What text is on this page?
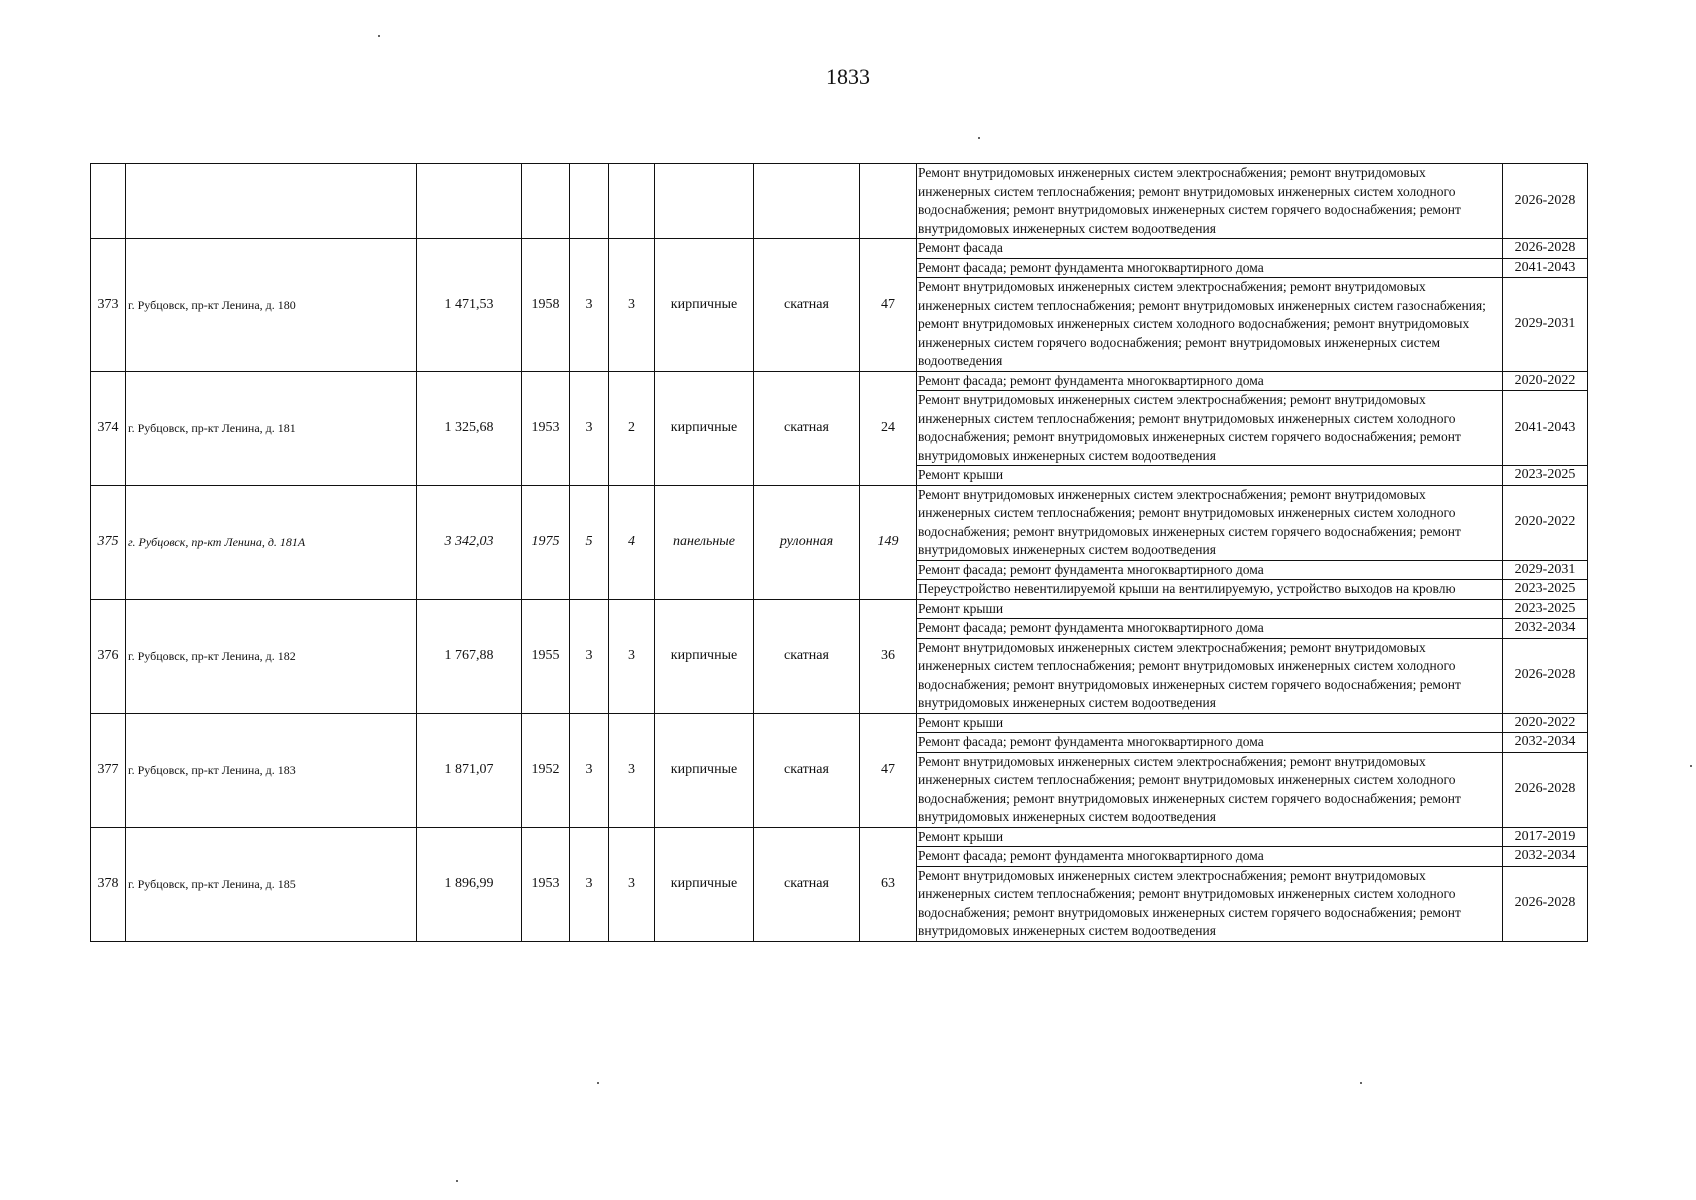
1833
									Ремонт внутридомовых инженерных систем электроснабжения; ремонт внутридомовых инженерных систем теплоснабжения; ремонт внутридомовых инженерных систем холодного водоснабжения; ремонт внутридомовых инженерных систем горячего водоснабжения; ремонт внутридомовых инженерных систем водоотведения	2026-2028
373	г. Рубцовск, пр-кт Ленина, д. 180	1 471,53	1958	3	3	кирпичные	скатная	47	Ремонт фасада	2026-2028
									Ремонт фасада; ремонт фундамента многоквартирного дома	2041-2043
									Ремонт внутридомовых инженерных систем электроснабжения; ремонт внутридомовых инженерных систем теплоснабжения; ремонт внутридомовых инженерных систем газоснабжения; ремонт внутридомовых инженерных систем холодного водоснабжения; ремонт внутридомовых инженерных систем горячего водоснабжения; ремонт внутридомовых инженерных систем водоотведения	2029-2031
374	г. Рубцовск, пр-кт Ленина, д. 181	1 325,68	1953	3	2	кирпичные	скатная	24	Ремонт фасада; ремонт фундамента многоквартирного дома	2020-2022
									Ремонт внутридомовых инженерных систем электроснабжения; ремонт внутридомовых инженерных систем теплоснабжения; ремонт внутридомовых инженерных систем холодного водоснабжения; ремонт внутридомовых инженерных систем горячего водоснабжения; ремонт внутридомовых инженерных систем водоотведения	2041-2043
									Ремонт крыши	2023-2025
375	г. Рубцовск, пр-кт Ленина, д. 181А	3 342,03	1975	5	4	панельные	рулонная	149	Ремонт внутридомовых инженерных систем электроснабжения; ремонт внутридомовых инженерных систем теплоснабжения; ремонт внутридомовых инженерных систем холодного водоснабжения; ремонт внутридомовых инженерных систем горячего водоснабжения; ремонт внутридомовых инженерных систем водоотведения	2020-2022
									Ремонт фасада; ремонт фундамента многоквартирного дома	2029-2031
									Переустройство невентилируемой крыши на вентилируемую, устройство выходов на кровлю	2023-2025
376	г. Рубцовск, пр-кт Ленина, д. 182	1 767,88	1955	3	3	кирпичные	скатная	36	Ремонт крыши	2023-2025
									Ремонт фасада; ремонт фундамента многоквартирного дома	2032-2034
									Ремонт внутридомовых инженерных систем электроснабжения; ремонт внутридомовых инженерных систем теплоснабжения; ремонт внутридомовых инженерных систем холодного водоснабжения; ремонт внутридомовых инженерных систем горячего водоснабжения; ремонт внутридомовых инженерных систем водоотведения	2026-2028
377	г. Рубцовск, пр-кт Ленина, д. 183	1 871,07	1952	3	3	кирпичные	скатная	47	Ремонт крыши	2020-2022
									Ремонт фасада; ремонт фундамента многоквартирного дома	2032-2034
									Ремонт внутридомовых инженерных систем электроснабжения; ремонт внутридомовых инженерных систем теплоснабжения; ремонт внутридомовых инженерных систем холодного водоснабжения; ремонт внутридомовых инженерных систем горячего водоснабжения; ремонт внутридомовых инженерных систем водоотведения	2026-2028
378	г. Рубцовск, пр-кт Ленина, д. 185	1 896,99	1953	3	3	кирпичные	скатная	63	Ремонт крыши	2017-2019
									Ремонт фасада; ремонт фундамента многоквартирного дома	2032-2034
									Ремонт внутридомовых инженерных систем электроснабжения; ремонт внутридомовых инженерных систем теплоснабжения; ремонт внутридомовых инженерных систем холодного водоснабжения; ремонт внутридомовых инженерных систем горячего водоснабжения; ремонт внутридомовых инженерных систем водоотведения	2026-2028
